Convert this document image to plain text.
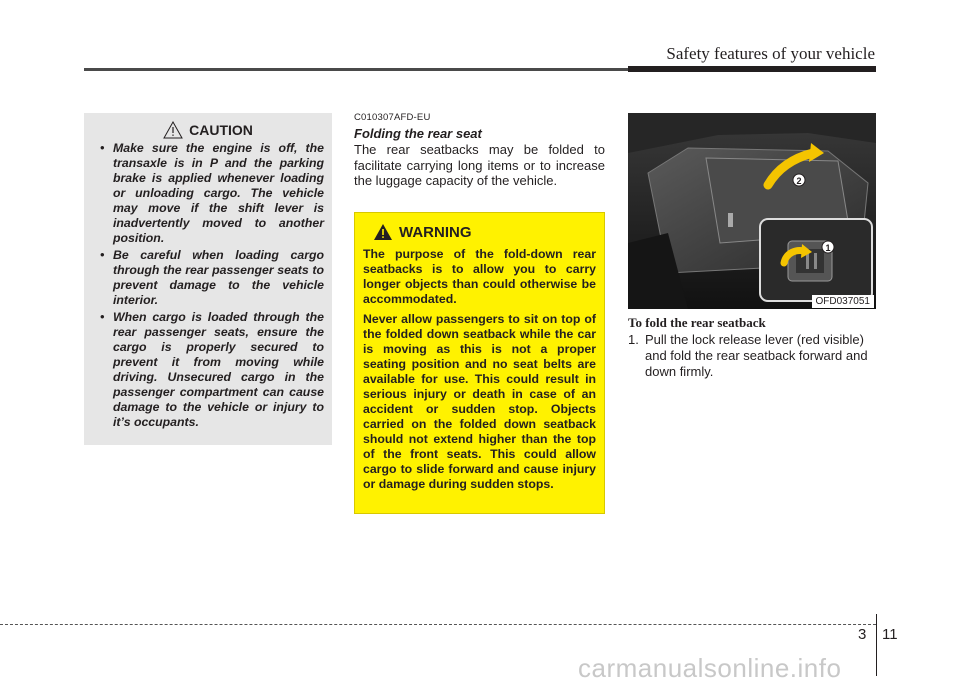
Safety features of your vehicle
CAUTION
• Make sure the engine is off, the transaxle is in P and the parking brake is applied whenever loading or unloading cargo. The vehicle may move if the shift lever is inadvertently moved to another position.
• Be careful when loading cargo through the rear passenger seats to prevent damage to the vehicle interior.
• When cargo is loaded through the rear passenger seats, ensure the cargo is properly secured to prevent it from moving while driving. Unsecured cargo in the passenger compartment can cause damage to the vehicle or injury to it’s occupants.
C010307AFD-EU
Folding the rear seat
The rear seatbacks may be folded to facilitate carrying long items or to increase the luggage capacity of the vehicle.
WARNING

The purpose of the fold-down rear seatbacks is to allow you to carry longer objects than could otherwise be accommodated.

Never allow passengers to sit on top of the folded down seatback while the car is moving as this is not a proper seating position and no seat belts are available for use. This could result in serious injury or death in case of an accident or sudden stop. Objects carried on the folded down seatback should not extend higher than the top of the front seats. This could allow cargo to slide forward and cause injury or damage during sudden stops.

2
1
OFD037051
To fold the rear seatback
1. Pull the lock release lever (red visible) and fold the rear seatback forward and down firmly.
3 11
carmanualsonline.info
